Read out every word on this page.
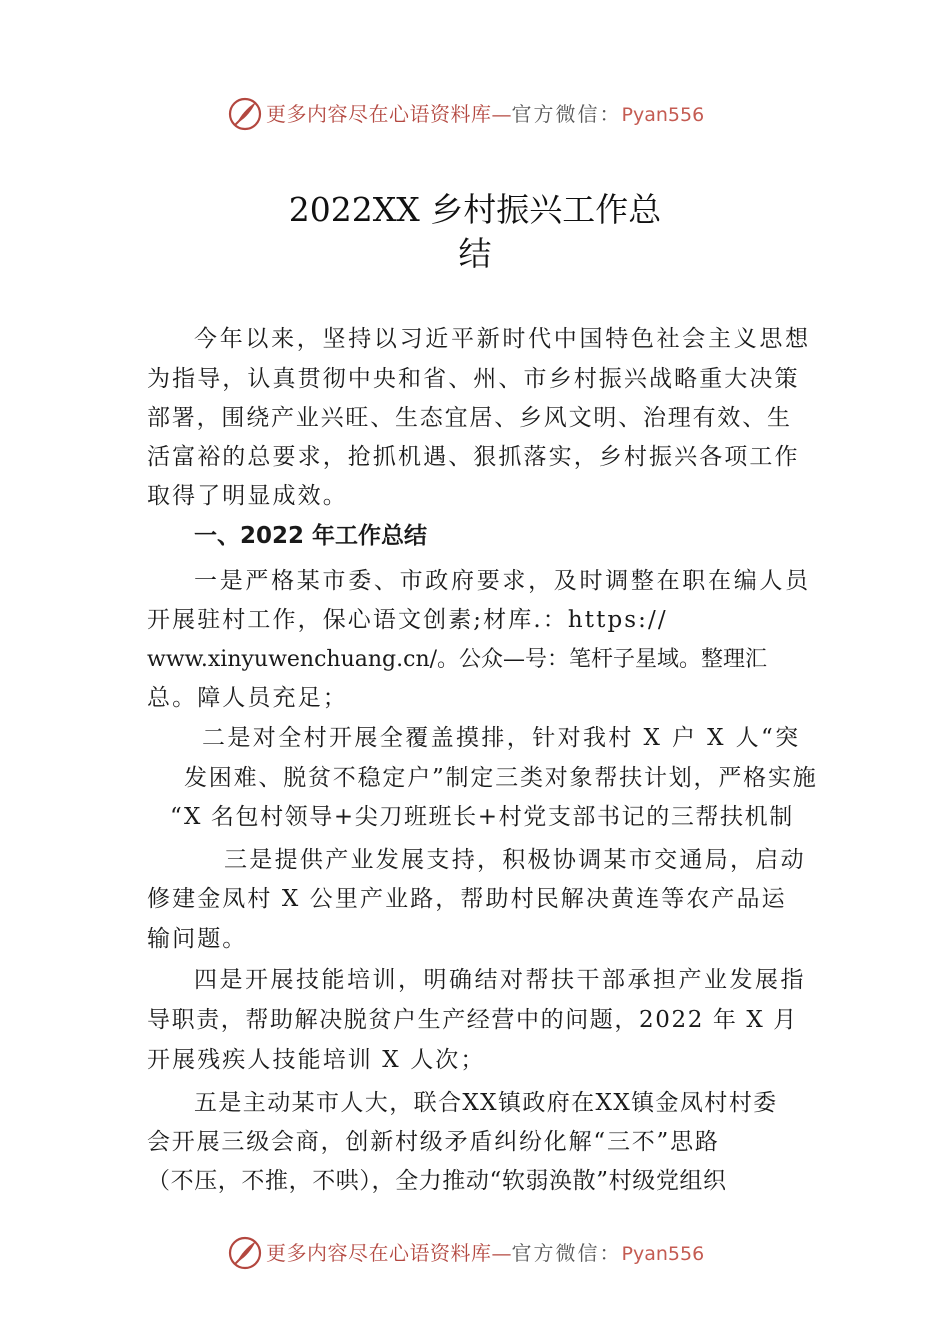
更多内容尽在心语资料库—官方微信：Pyan556
2022XX 乡村振兴工作总
结
今年以来，坚持以习近平新时代中国特色社会主义思想
为指导，认真贯彻中央和省、州、市乡村振兴战略重大决策
部署，围绕产业兴旺、生态宜居、乡风文明、治理有效、生
活富裕的总要求，抢抓机遇、狠抓落实，乡村振兴各项工作
取得了明显成效。
一、2022 年工作总结
一是严格某市委、市政府要求，及时调整在职在编人员
开展驻村工作，保心语文创素;材库.：https://
www.xinyuwenchuang.cn/。公众—号：笔杆子星域。整理汇
总。障人员充足；
二是对全村开展全覆盖摸排，针对我村 X 户 X 人“突
发困难、脱贫不稳定户”制定三类对象帮扶计划，严格实施
“X 名包村领导+尖刀班班长+村党支部书记的三帮扶机制
三是提供产业发展支持，积极协调某市交通局，启动
修建金凤村 X 公里产业路，帮助村民解决黄连等农产品运
输问题。
四是开展技能培训，明确结对帮扶干部承担产业发展指
导职责，帮助解决脱贫户生产经营中的问题，2022 年 X 月
开展残疾人技能培训 X 人次；
五是主动某市人大，联合XX镇政府在XX镇金凤村村委
会开展三级会商，创新村级矛盾纠纷化解“三不”思路
（不压，不推，不哄），全力推动“软弱涣散”村级党组织
更多内容尽在心语资料库—官方微信：Pyan556
